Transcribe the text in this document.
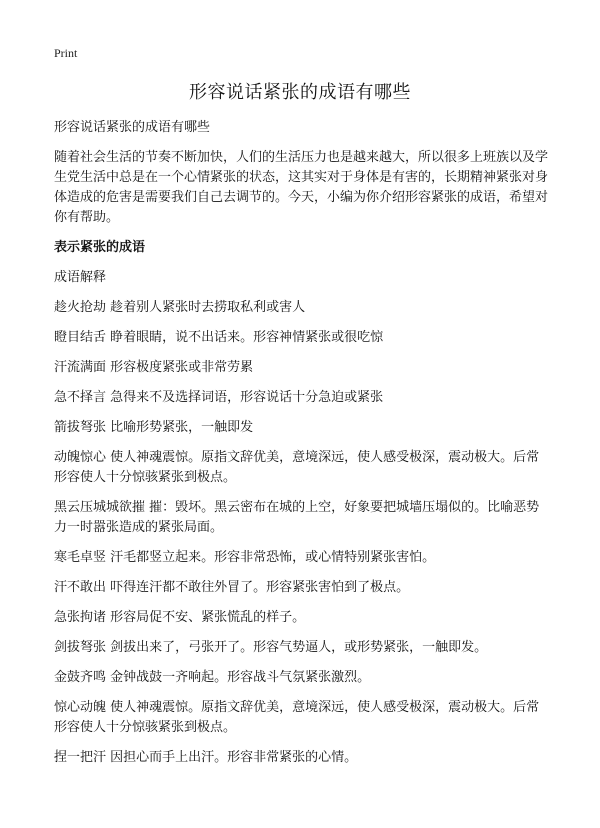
Print
形容说话紧张的成语有哪些

形容说话紧张的成语有哪些

随着社会生活的节奏不断加快，人们的生活压力也是越来越大，所以很多上班族以及学生党生活中总是在一个心情紧张的状态，这其实对于身体是有害的，长期精神紧张对身体造成的危害是需要我们自己去调节的。今天，小编为你介绍形容紧张的成语，希望对你有帮助。

表示紧张的成语

成语解释

趁火抢劫 趁着别人紧张时去捞取私利或害人

瞪目结舌 睁着眼睛，说不出话来。形容神情紧张或很吃惊

汗流满面 形容极度紧张或非常劳累

急不择言 急得来不及选择词语，形容说话十分急迫或紧张

箭拔弩张 比喻形势紧张，一触即发

动魄惊心 使人神魂震惊。原指文辞优美，意境深远，使人感受极深，震动极大。后常形容使人十分惊骇紧张到极点。

黑云压城城欲摧 摧：毁坏。黑云密布在城的上空，好象要把城墙压塌似的。比喻恶势力一时嚣张造成的紧张局面。

寒毛卓竖 汗毛都竖立起来。形容非常恐怖，或心情特别紧张害怕。

汗不敢出 吓得连汗都不敢往外冒了。形容紧张害怕到了极点。

急张拘诸 形容局促不安、紧张慌乱的样子。

剑拔弩张 剑拔出来了，弓张开了。形容气势逼人，或形势紧张，一触即发。

金鼓齐鸣 金钟战鼓一齐响起。形容战斗气氛紧张激烈。

惊心动魄 使人神魂震惊。原指文辞优美，意境深远，使人感受极深，震动极大。后常形容使人十分惊骇紧张到极点。

捏一把汗 因担心而手上出汗。形容非常紧张的心情。
